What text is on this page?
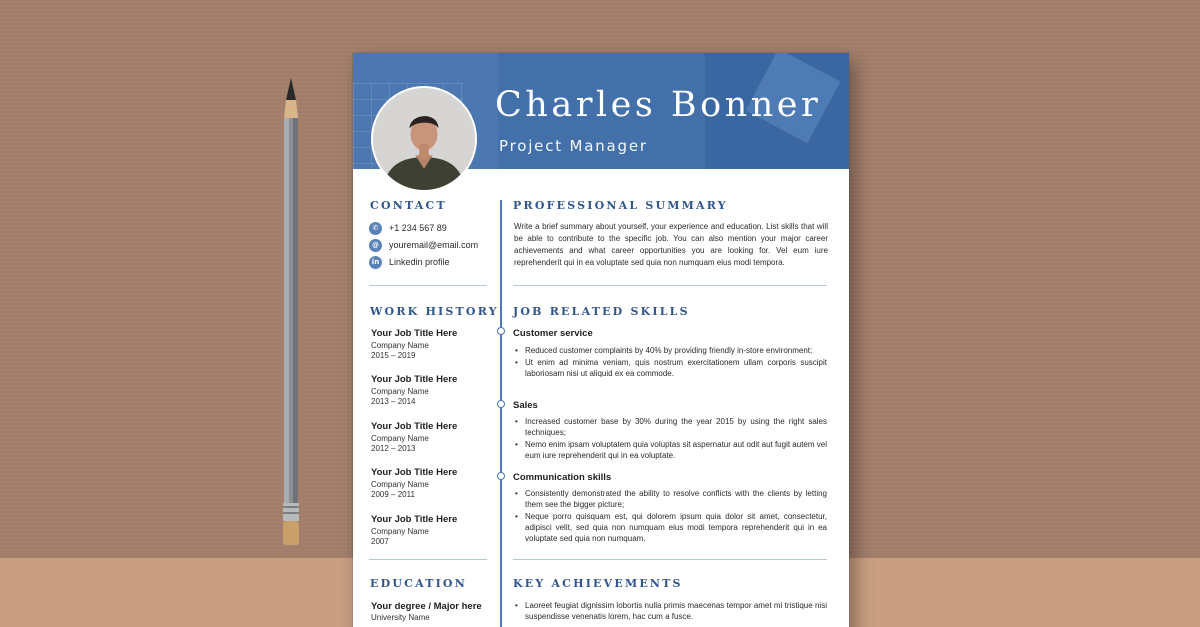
Charles Bonner
Project Manager
CONTACT
✆	+1 234 567 89
@	youremail@email.com
in	Linkedin profile
WORK HISTORY
Your Job Title Here
Company Name
2015 – 2019
Your Job Title Here
Company Name
2013 – 2014
Your Job Title Here
Company Name
2012 – 2013
Your Job Title Here
Company Name
2009 – 2011
Your Job Title Here
Company Name
2007
EDUCATION
Your degree / Major here
University Name
PROFESSIONAL SUMMARY
Write a brief summary about yourself, your experience and education. List skills that will be able to contribute to the specific job. You can also mention your major career achievements and what career opportunities you are looking for. Vel eum iure reprehenderit qui in ea voluptate sed quia non numquam eius modi tempora.
JOB RELATED SKILLS
Customer service
• Reduced customer complaints by 40% by providing friendly in-store environment;
• Ut enim ad minima veniam, quis nostrum exercitationem ullam corporis suscipit laboriosam nisi ut aliquid ex ea commode.
Sales
• Increased customer base by 30% during the year 2015 by using the right sales techniques;
• Nemo enim ipsam voluptatem quia voluptas sit aspernatur aut odit aut fugit autem vel eum iure reprehenderit qui in ea voluptate.
Communication skills
• Consistently demonstrated the ability to resolve conflicts with the clients by letting them see the bigger picture;
• Neque porro quisquam est, qui dolorem ipsum quia dolor sit amet, consectetur, adipisci velit, sed quia non numquam eius modi tempora reprehenderit qui in ea voluptate sed quia non numquam.
KEY ACHIEVEMENTS
• Laoreet feugiat dignissim lobortis nulla primis maecenas tempor amet mi tristique nisi suspendisse venenatis lorem, hac cum a fusce.
